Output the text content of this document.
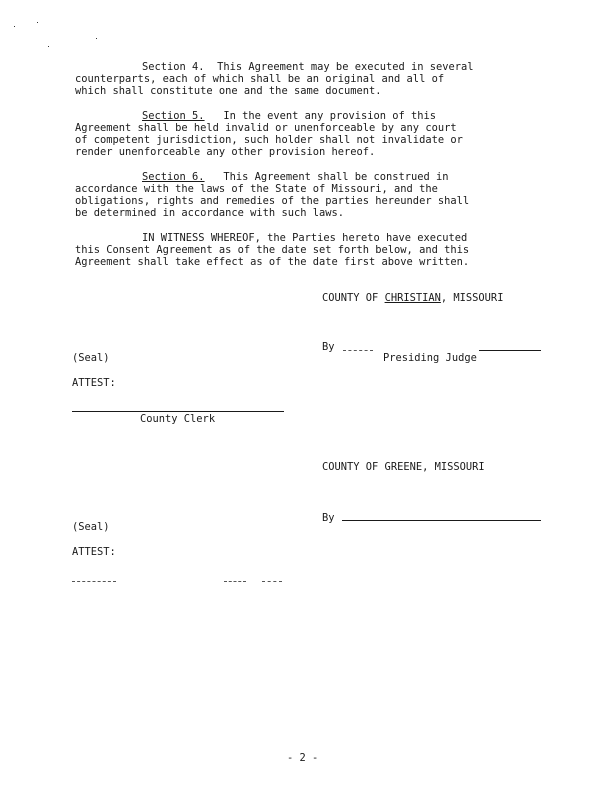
Section 4. This Agreement may be executed in several
counterparts, each of which shall be an original and all of
which shall constitute one and the same document.
Section 5. In the event any provision of this
Agreement shall be held invalid or unenforceable by any court
of competent jurisdiction, such holder shall not invalidate or
render unenforceable any other provision hereof.
Section 6. This Agreement shall be construed in
accordance with the laws of the State of Missouri, and the
obligations, rights and remedies of the parties hereunder shall
be determined in accordance with such laws.
IN WITNESS WHEREOF, the Parties hereto have executed
this Consent Agreement as of the date set forth below, and this
Agreement shall take effect as of the date first above written.
COUNTY OF CHRISTIAN, MISSOURI
By
Presiding Judge
(Seal)
ATTEST:
County Clerk
COUNTY OF GREENE, MISSOURI
By
(Seal)
ATTEST:
- 2 -
